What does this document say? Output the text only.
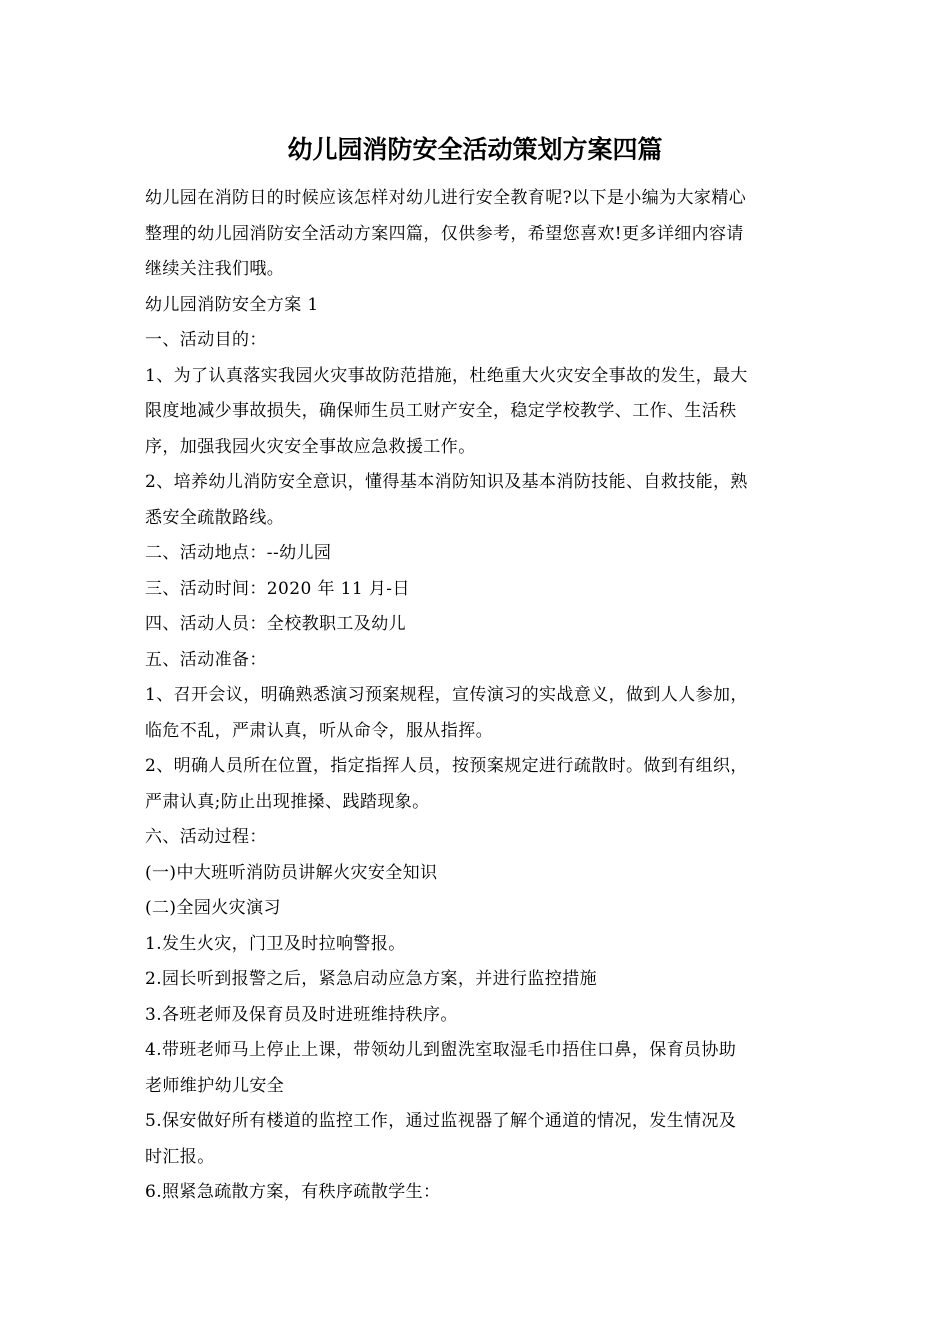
幼儿园消防安全活动策划方案四篇

幼儿园在消防日的时候应该怎样对幼儿进行安全教育呢?以下是小编为大家精心

整理的幼儿园消防安全活动方案四篇，仅供参考，希望您喜欢!更多详细内容请

继续关注我们哦。

幼儿园消防安全方案 1

一、活动目的：

1、为了认真落实我园火灾事故防范措施，杜绝重大火灾安全事故的发生，最大

限度地减少事故损失，确保师生员工财产安全，稳定学校教学、工作、生活秩

序，加强我园火灾安全事故应急救援工作。

2、培养幼儿消防安全意识，懂得基本消防知识及基本消防技能、自救技能，熟

悉安全疏散路线。

二、活动地点：--幼儿园

三、活动时间：2020 年 11 月-日

四、活动人员：全校教职工及幼儿

五、活动准备：

1、召开会议，明确熟悉演习预案规程，宣传演习的实战意义，做到人人参加，

临危不乱，严肃认真，听从命令，服从指挥。

2、明确人员所在位置，指定指挥人员，按预案规定进行疏散时。做到有组织，

严肃认真;防止出现推搡、践踏现象。

六、活动过程：

(一)中大班听消防员讲解火灾安全知识

(二)全园火灾演习

1.发生火灾，门卫及时拉响警报。

2.园长听到报警之后，紧急启动应急方案，并进行监控措施

3.各班老师及保育员及时进班维持秩序。

4.带班老师马上停止上课，带领幼儿到盥洗室取湿毛巾捂住口鼻，保育员协助

老师维护幼儿安全

5.保安做好所有楼道的监控工作，通过监视器了解个通道的情况，发生情况及

时汇报。

6.照紧急疏散方案，有秩序疏散学生：
